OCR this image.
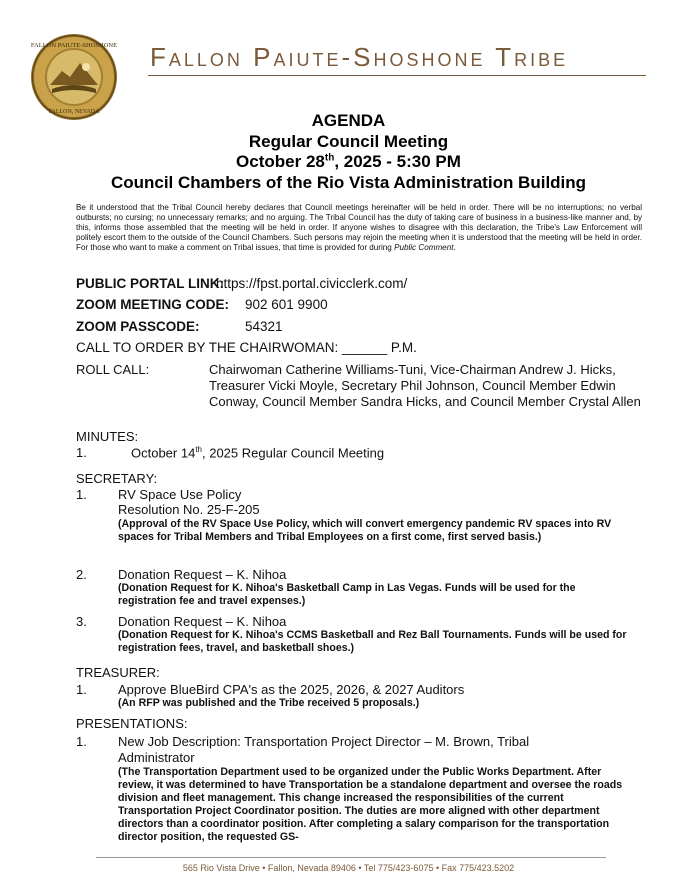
FALLON PAIUTE-SHOSHONE
FALLON, NEVADA
Fallon Paiute-Shoshone Tribe
AGENDA
Regular Council Meeting
October 28th, 2025 - 5:30 PM
Council Chambers of the Rio Vista Administration Building
Be it understood that the Tribal Council hereby declares that Council meetings hereinafter will be held in order. There will be no interruptions; no verbal outbursts; no cursing; no unnecessary remarks; and no arguing. The Tribal Council has the duty of taking care of business in a business-like manner and, by this, informs those assembled that the meeting will be held in order. If anyone wishes to disagree with this declaration, the Tribe's Law Enforcement will politely escort them to the outside of the Council Chambers. Such persons may rejoin the meeting when it is understood that the meeting will be held in order. For those who want to make a comment on Tribal issues, that time is provided for during Public Comment.
PUBLIC PORTAL LINK:
https://fpst.portal.civicclerk.com/
ZOOM MEETING CODE: 902 601 9900
ZOOM PASSCODE:	54321
CALL TO ORDER BY THE CHAIRWOMAN: ______ P.M.
ROLL CALL:	Chairwoman Catherine Williams-Tuni, Vice-Chairman Andrew J. Hicks, Treasurer Vicki Moyle, Secretary Phil Johnson, Council Member Edwin Conway, Council Member Sandra Hicks, and Council Member Crystal Allen
MINUTES:
1.	October 14th, 2025 Regular Council Meeting
SECRETARY:
1. RV Space Use Policy
Resolution No. 25-F-205
(Approval of the RV Space Use Policy, which will convert emergency pandemic RV spaces into RV spaces for Tribal Members and Tribal Employees on a first come, first served basis.)
2. Donation Request – K. Nihoa
(Donation Request for K. Nihoa's Basketball Camp in Las Vegas. Funds will be used for the registration fee and travel expenses.)
3. Donation Request – K. Nihoa
(Donation Request for K. Nihoa's CCMS Basketball and Rez Ball Tournaments. Funds will be used for registration fees, travel, and basketball shoes.)
TREASURER:
1. Approve BlueBird CPA's as the 2025, 2026, & 2027 Auditors
(An RFP was published and the Tribe received 5 proposals.)
PRESENTATIONS:
1. New Job Description: Transportation Project Director – M. Brown, Tribal
Administrator
(The Transportation Department used to be organized under the Public Works Department. After review, it was determined to have Transportation be a standalone department and oversee the roads division and fleet management. This change increased the responsibilities of the current Transportation Project Coordinator position. The duties are more aligned with other department directors than a coordinator position. After completing a salary comparison for the transportation director position, the requested GS-
565 Rio Vista Drive • Fallon, Nevada 89406 • Tel 775/423-6075 • Fax 775/423.5202
